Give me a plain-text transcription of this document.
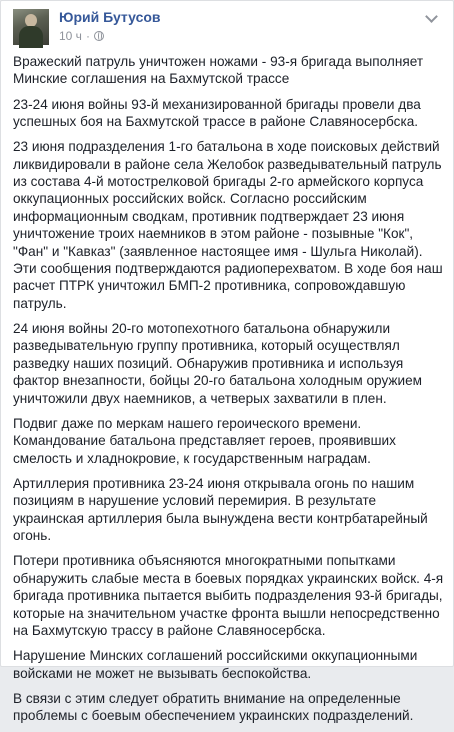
Юрий Бутусов
10 ч ·

Вражеский патруль уничтожен ножами - 93-я бригада выполняет Минские соглашения на Бахмутской трассе

23-24 июня войны 93-й механизированной бригады провели два успешных боя на Бахмутской трассе в районе Славяносербска.

23 июня подразделения 1-го батальона в ходе поисковых действий ликвидировали в районе села Желобок разведывательный патруль из состава 4-й мотострелковой бригады 2-го армейского корпуса оккупационных российских войск. Согласно российским информационным сводкам, противник подтверждает 23 июня уничтожение троих наемников в этом районе - позывные "Кок", "Фан" и "Кавказ" (заявленное настоящее имя - Шульга Николай). Эти сообщения подтверждаются радиоперехватом. В ходе боя наш расчет ПТРК уничтожил БМП-2 противника, сопровождавшую патруль.

24 июня войны 20-го мотопехотного батальона обнаружили разведывательную группу противника, который осуществлял разведку наших позиций. Обнаружив противника и используя фактор внезапности, бойцы 20-го батальона холодным оружием уничтожили двух наемников, а четверых захватили в плен.

Подвиг даже по меркам нашего героического времени. Командование батальона представляет героев, проявивших смелость и хладнокровие, к государственным наградам.

Артиллерия противника 23-24 июня открывала огонь по нашим позициям в нарушение условий перемирия. В результате украинская артиллерия была вынуждена вести контрбатарейный огонь.

Потери противника объясняются многократными попытками обнаружить слабые места в боевых порядках украинских войск. 4-я бригада противника пытается выбить подразделения 93-й бригады, которые на значительном участке фронта вышли непосредственно на Бахмутскую трассу в районе Славяносербска.

Нарушение Минских соглашений российскими оккупационными войсками не может не вызывать беспокойства.

В связи с этим следует обратить внимание на определенные проблемы с боевым обеспечением украинских подразделений.
